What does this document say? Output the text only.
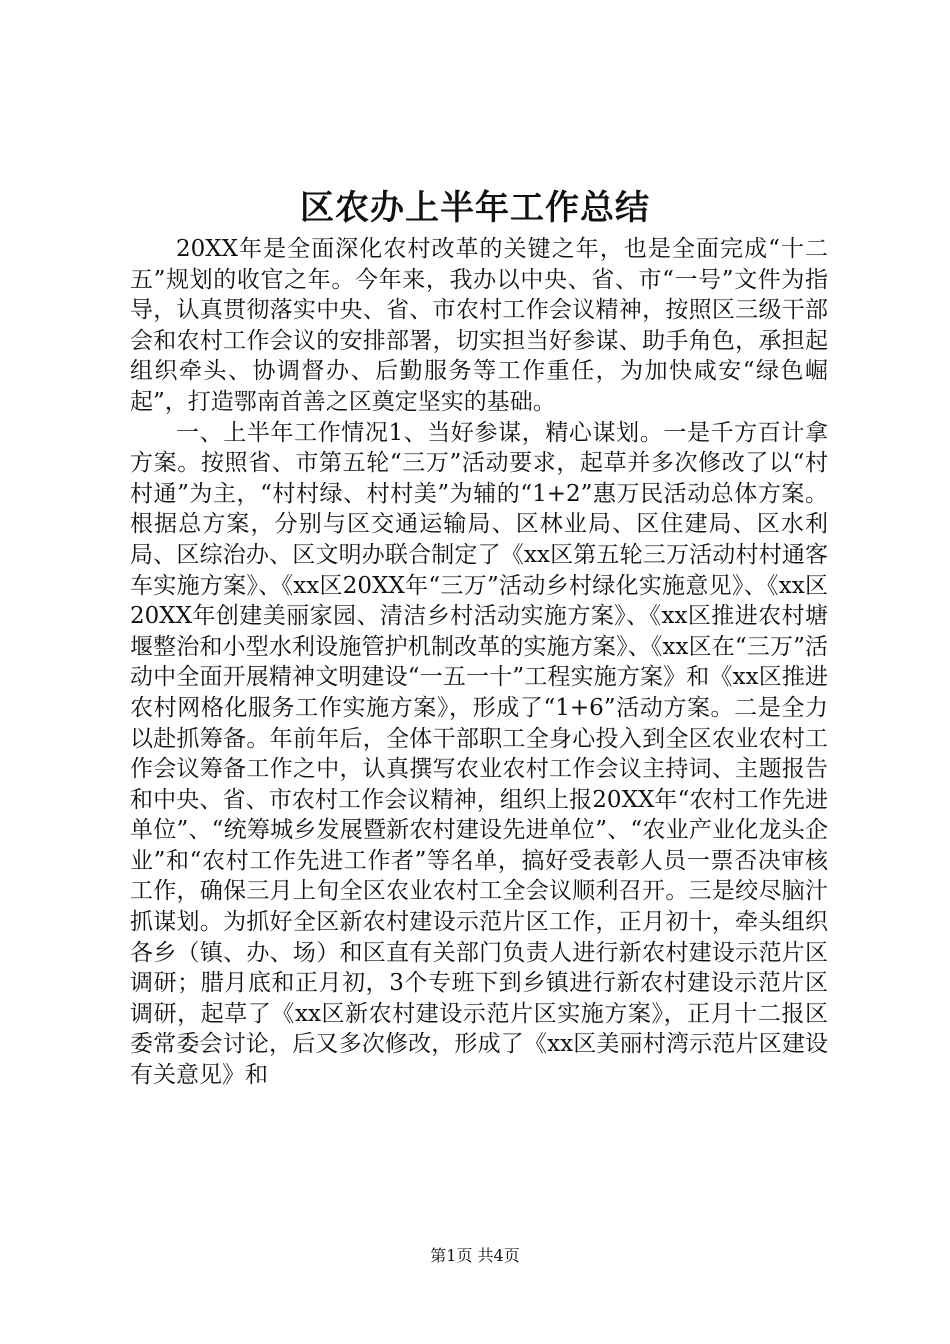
区农办上半年工作总结

20XX年是全面深化农村改革的关键之年，也是全面完成“十二五”规划的收官之年。今年来，我办以中央、省、市“一号”文件为指导，认真贯彻落实中央、省、市农村工作会议精神，按照区三级干部会和农村工作会议的安排部署，切实担当好参谋、助手角色，承担起组织牵头、协调督办、后勤服务等工作重任，为加快咸安“绿色崛起”，打造鄂南首善之区奠定坚实的基础。

一、上半年工作情况1、当好参谋，精心谋划。一是千方百计拿方案。按照省、市第五轮“三万”活动要求，起草并多次修改了以“村村通”为主，“村村绿、村村美”为辅的“1+2”惠万民活动总体方案。根据总方案，分别与区交通运输局、区林业局、区住建局、区水利局、区综治办、区文明办联合制定了《xx区第五轮三万活动村村通客车实施方案》、《xx区20XX年“三万”活动乡村绿化实施意见》、《xx区20XX年创建美丽家园、清洁乡村活动实施方案》、《xx区推进农村塘堰整治和小型水利设施管护机制改革的实施方案》、《xx区在“三万”活动中全面开展精神文明建设“一五一十”工程实施方案》和《xx区推进农村网格化服务工作实施方案》，形成了“1+6”活动方案。二是全力以赴抓筹备。年前年后，全体干部职工全身心投入到全区农业农村工作会议筹备工作之中，认真撰写农业农村工作会议主持词、主题报告和中央、省、市农村工作会议精神，组织上报20XX年“农村工作先进单位”、“统筹城乡发展暨新农村建设先进单位”、“农业产业化龙头企业”和“农村工作先进工作者”等名单，搞好受表彰人员一票否决审核工作，确保三月上旬全区农业农村工全会议顺利召开。三是绞尽脑汁抓谋划。为抓好全区新农村建设示范片区工作，正月初十，牵头组织各乡（镇、办、场）和区直有关部门负责人进行新农村建设示范片区调研；腊月底和正月初，3个专班下到乡镇进行新农村建设示范片区调研，起草了《xx区新农村建设示范片区实施方案》，正月十二报区委常委会讨论，后又多次修改，形成了《xx区美丽村湾示范片区建设有关意见》和

第1页 共4页
